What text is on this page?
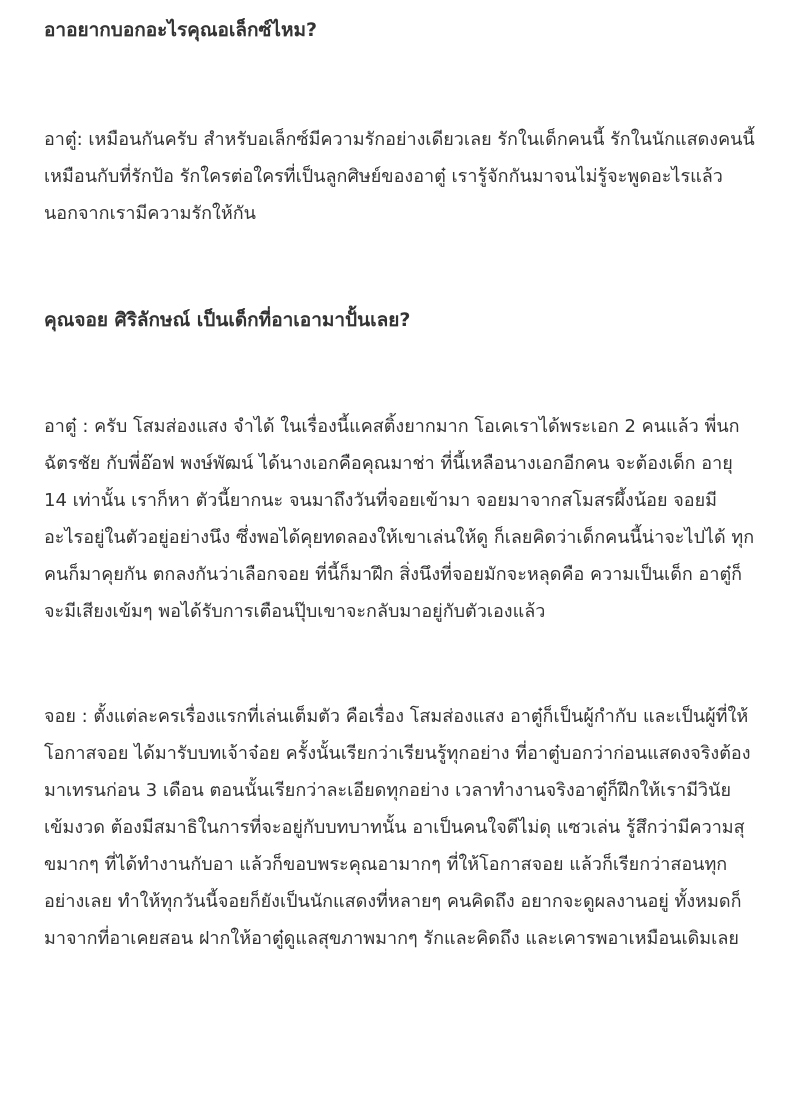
อาอยากบอกอะไรคุณอเล็กซ์ไหม?

อาตู๋: เหมือนกันครับ สำหรับอเล็กซ์มีความรักอย่างเดียวเลย รักในเด็กคนนี้ รักในนักแสดงคนนี้เหมือนกับที่รักป้อ รักใครต่อใครที่เป็นลูกศิษย์ของอาตู๋ เรารู้จักกันมาจนไม่รู้จะพูดอะไรแล้ว นอกจากเรามีความรักให้กัน

คุณจอย ศิริลักษณ์ เป็นเด็กที่อาเอามาปั้นเลย?

อาตู๋ : ครับ โสมส่องแสง จำได้ ในเรื่องนี้แคสติ้งยากมาก โอเคเราได้พระเอก 2 คนแล้ว พี่นก ฉัตรชัย กับพี่อ๊อฟ พงษ์พัฒน์ ได้นางเอกคือคุณมาช่า ที่นี้เหลือนางเอกอีกคน จะต้องเด็ก อายุ 14 เท่านั้น เราก็หา ตัวนี้ยากนะ จนมาถึงวันที่จอยเข้ามา จอยมาจากสโมสรผึ้งน้อย จอยมีอะไรอยู่ในตัวอยู่อย่างนึง ซึ่งพอได้คุยทดลองให้เขาเล่นให้ดู ก็เลยคิดว่าเด็กคนนี้น่าจะไปได้ ทุกคนก็มาคุยกัน ตกลงกันว่าเลือกจอย ที่นี้ก็มาฝึก สิ่งนึงที่จอยมักจะหลุดคือ ความเป็นเด็ก อาตู๋ก็จะมีเสียงเข้มๆ พอได้รับการเตือนปุ๊บเขาจะกลับมาอยู่กับตัวเองแล้ว

จอย : ตั้งแต่ละครเรื่องแรกที่เล่นเต็มตัว คือเรื่อง โสมส่องแสง อาตู๋ก็เป็นผู้กำกับ และเป็นผู้ที่ให้โอกาสจอย ได้มารับบทเจ้าจ๋อย ครั้งนั้นเรียกว่าเรียนรู้ทุกอย่าง ที่อาตู๋บอกว่าก่อนแสดงจริงต้องมาเทรนก่อน 3 เดือน ตอนนั้นเรียกว่าละเอียดทุกอย่าง เวลาทำงานจริงอาตู๋ก็ฝึกให้เรามีวินัย เข้มงวด ต้องมีสมาธิในการที่จะอยู่กับบทบาทนั้น อาเป็นคนใจดีไม่ดุ แซวเล่น รู้สึกว่ามีความสุขมากๆ ที่ได้ทำงานกับอา แล้วก็ขอบพระคุณอามากๆ ที่ให้โอกาสจอย แล้วก็เรียกว่าสอนทุกอย่างเลย ทำให้ทุกวันนี้จอยก็ยังเป็นนักแสดงที่หลายๆ คนคิดถึง อยากจะดูผลงานอยู่ ทั้งหมดก็มาจากที่อาเคยสอน ฝากให้อาตู๋ดูแลสุขภาพมากๆ รักและคิดถึง และเคารพอาเหมือนเดิมเลย
